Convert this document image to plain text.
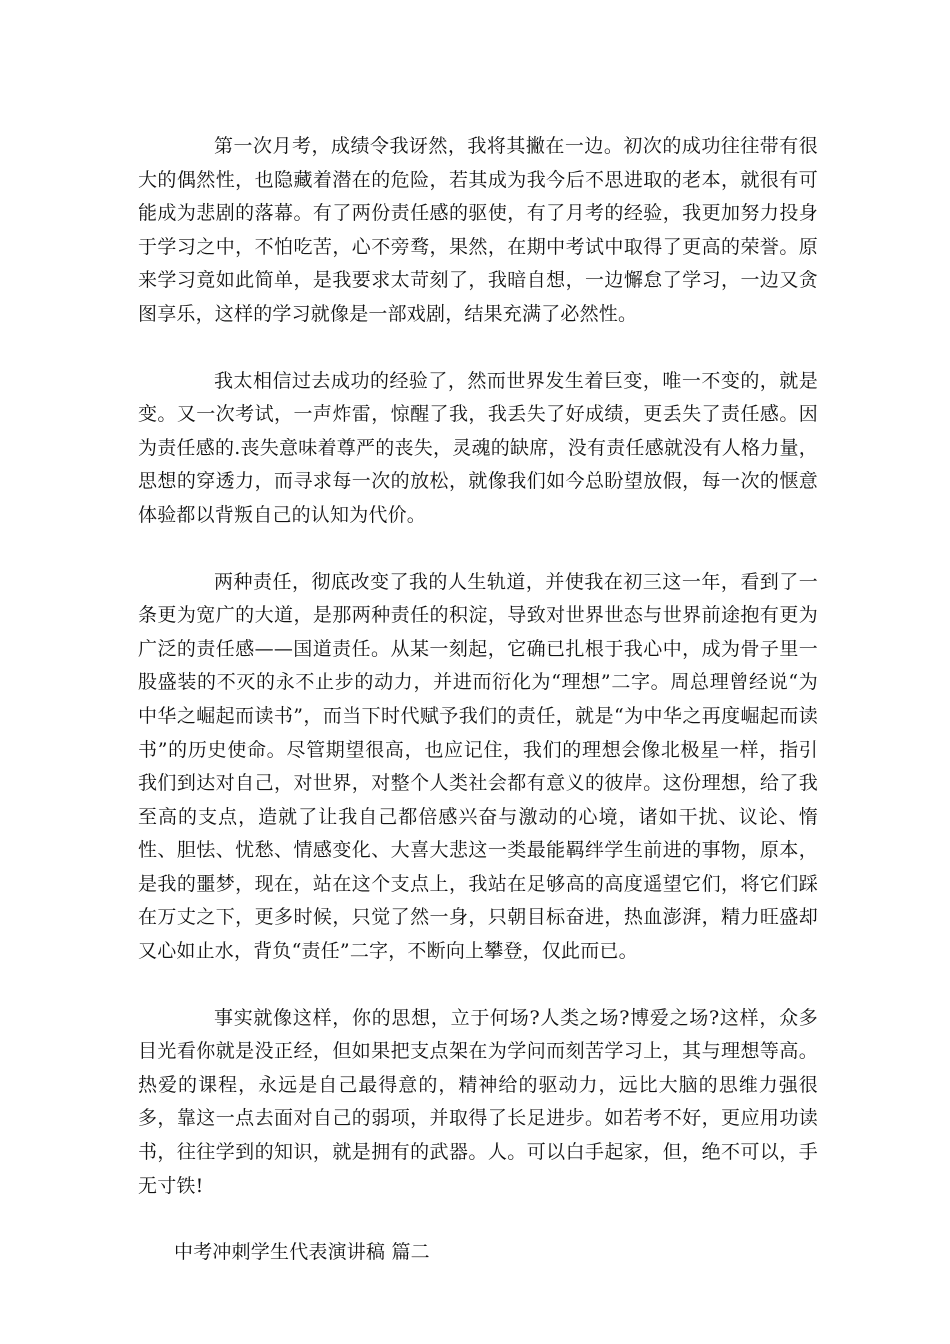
第一次月考，成绩令我讶然，我将其撇在一边。初次的成功往往带有很大的偶然性，也隐藏着潜在的危险，若其成为我今后不思进取的老本，就很有可能成为悲剧的落幕。有了两份责任感的驱使，有了月考的经验，我更加努力投身于学习之中，不怕吃苦，心不旁骛，果然，在期中考试中取得了更高的荣誉。原来学习竟如此简单，是我要求太苛刻了，我暗自想，一边懈怠了学习，一边又贪图享乐，这样的学习就像是一部戏剧，结果充满了必然性。

我太相信过去成功的经验了，然而世界发生着巨变，唯一不变的，就是变。又一次考试，一声炸雷，惊醒了我，我丢失了好成绩，更丢失了责任感。因为责任感的.丧失意味着尊严的丧失，灵魂的缺席，没有责任感就没有人格力量，思想的穿透力，而寻求每一次的放松，就像我们如今总盼望放假，每一次的惬意体验都以背叛自己的认知为代价。

两种责任，彻底改变了我的人生轨道，并使我在初三这一年，看到了一条更为宽广的大道，是那两种责任的积淀，导致对世界世态与世界前途抱有更为广泛的责任感——国道责任。从某一刻起，它确已扎根于我心中，成为骨子里一股盛装的不灭的永不止步的动力，并进而衍化为“理想”二字。周总理曾经说“为中华之崛起而读书”，而当下时代赋予我们的责任，就是“为中华之再度崛起而读书”的历史使命。尽管期望很高，也应记住，我们的理想会像北极星一样，指引我们到达对自己，对世界，对整个人类社会都有意义的彼岸。这份理想，给了我至高的支点，造就了让我自己都倍感兴奋与激动的心境，诸如干扰、议论、惰性、胆怯、忧愁、情感变化、大喜大悲这一类最能羁绊学生前进的事物，原本，是我的噩梦，现在，站在这个支点上，我站在足够高的高度遥望它们，将它们踩在万丈之下，更多时候，只觉了然一身，只朝目标奋进，热血澎湃，精力旺盛却又心如止水，背负“责任”二字，不断向上攀登，仅此而已。

事实就像这样，你的思想，立于何场?人类之场?博爱之场?这样，众多目光看你就是没正经，但如果把支点架在为学问而刻苦学习上，其与理想等高。热爱的课程，永远是自己最得意的，精神给的驱动力，远比大脑的思维力强很多，靠这一点去面对自己的弱项，并取得了长足进步。如若考不好，更应用功读书，往往学到的知识，就是拥有的武器。人。可以白手起家，但，绝不可以，手无寸铁!

中考冲刺学生代表演讲稿 篇二
